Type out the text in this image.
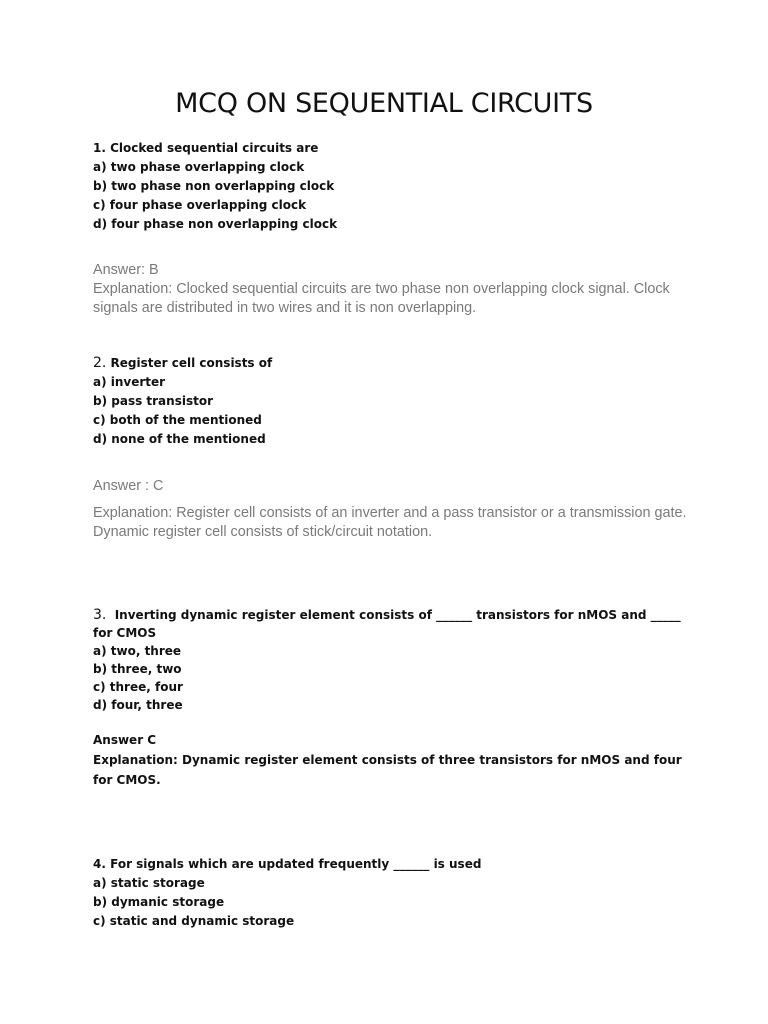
MCQ ON SEQUENTIAL CIRCUITS
1. Clocked sequential circuits are
a) two phase overlapping clock
b) two phase non overlapping clock
c) four phase overlapping clock
d) four phase non overlapping clock
Answer: B
Explanation: Clocked sequential circuits are two phase non overlapping clock signal. Clock signals are distributed in two wires and it is non overlapping.
2. Register cell consists of
a) inverter
b) pass transistor
c) both of the mentioned
d) none of the mentioned
Answer : C
Explanation: Register cell consists of an inverter and a pass transistor or a transmission gate. Dynamic register cell consists of stick/circuit notation.
3. Inverting dynamic register element consists of ______ transistors for nMOS and _____ for CMOS
a) two, three
b) three, two
c) three, four
d) four, three
Answer C
Explanation: Dynamic register element consists of three transistors for nMOS and four for CMOS.
4. For signals which are updated frequently ______ is used
a) static storage
b) dymanic storage
c) static and dynamic storage
